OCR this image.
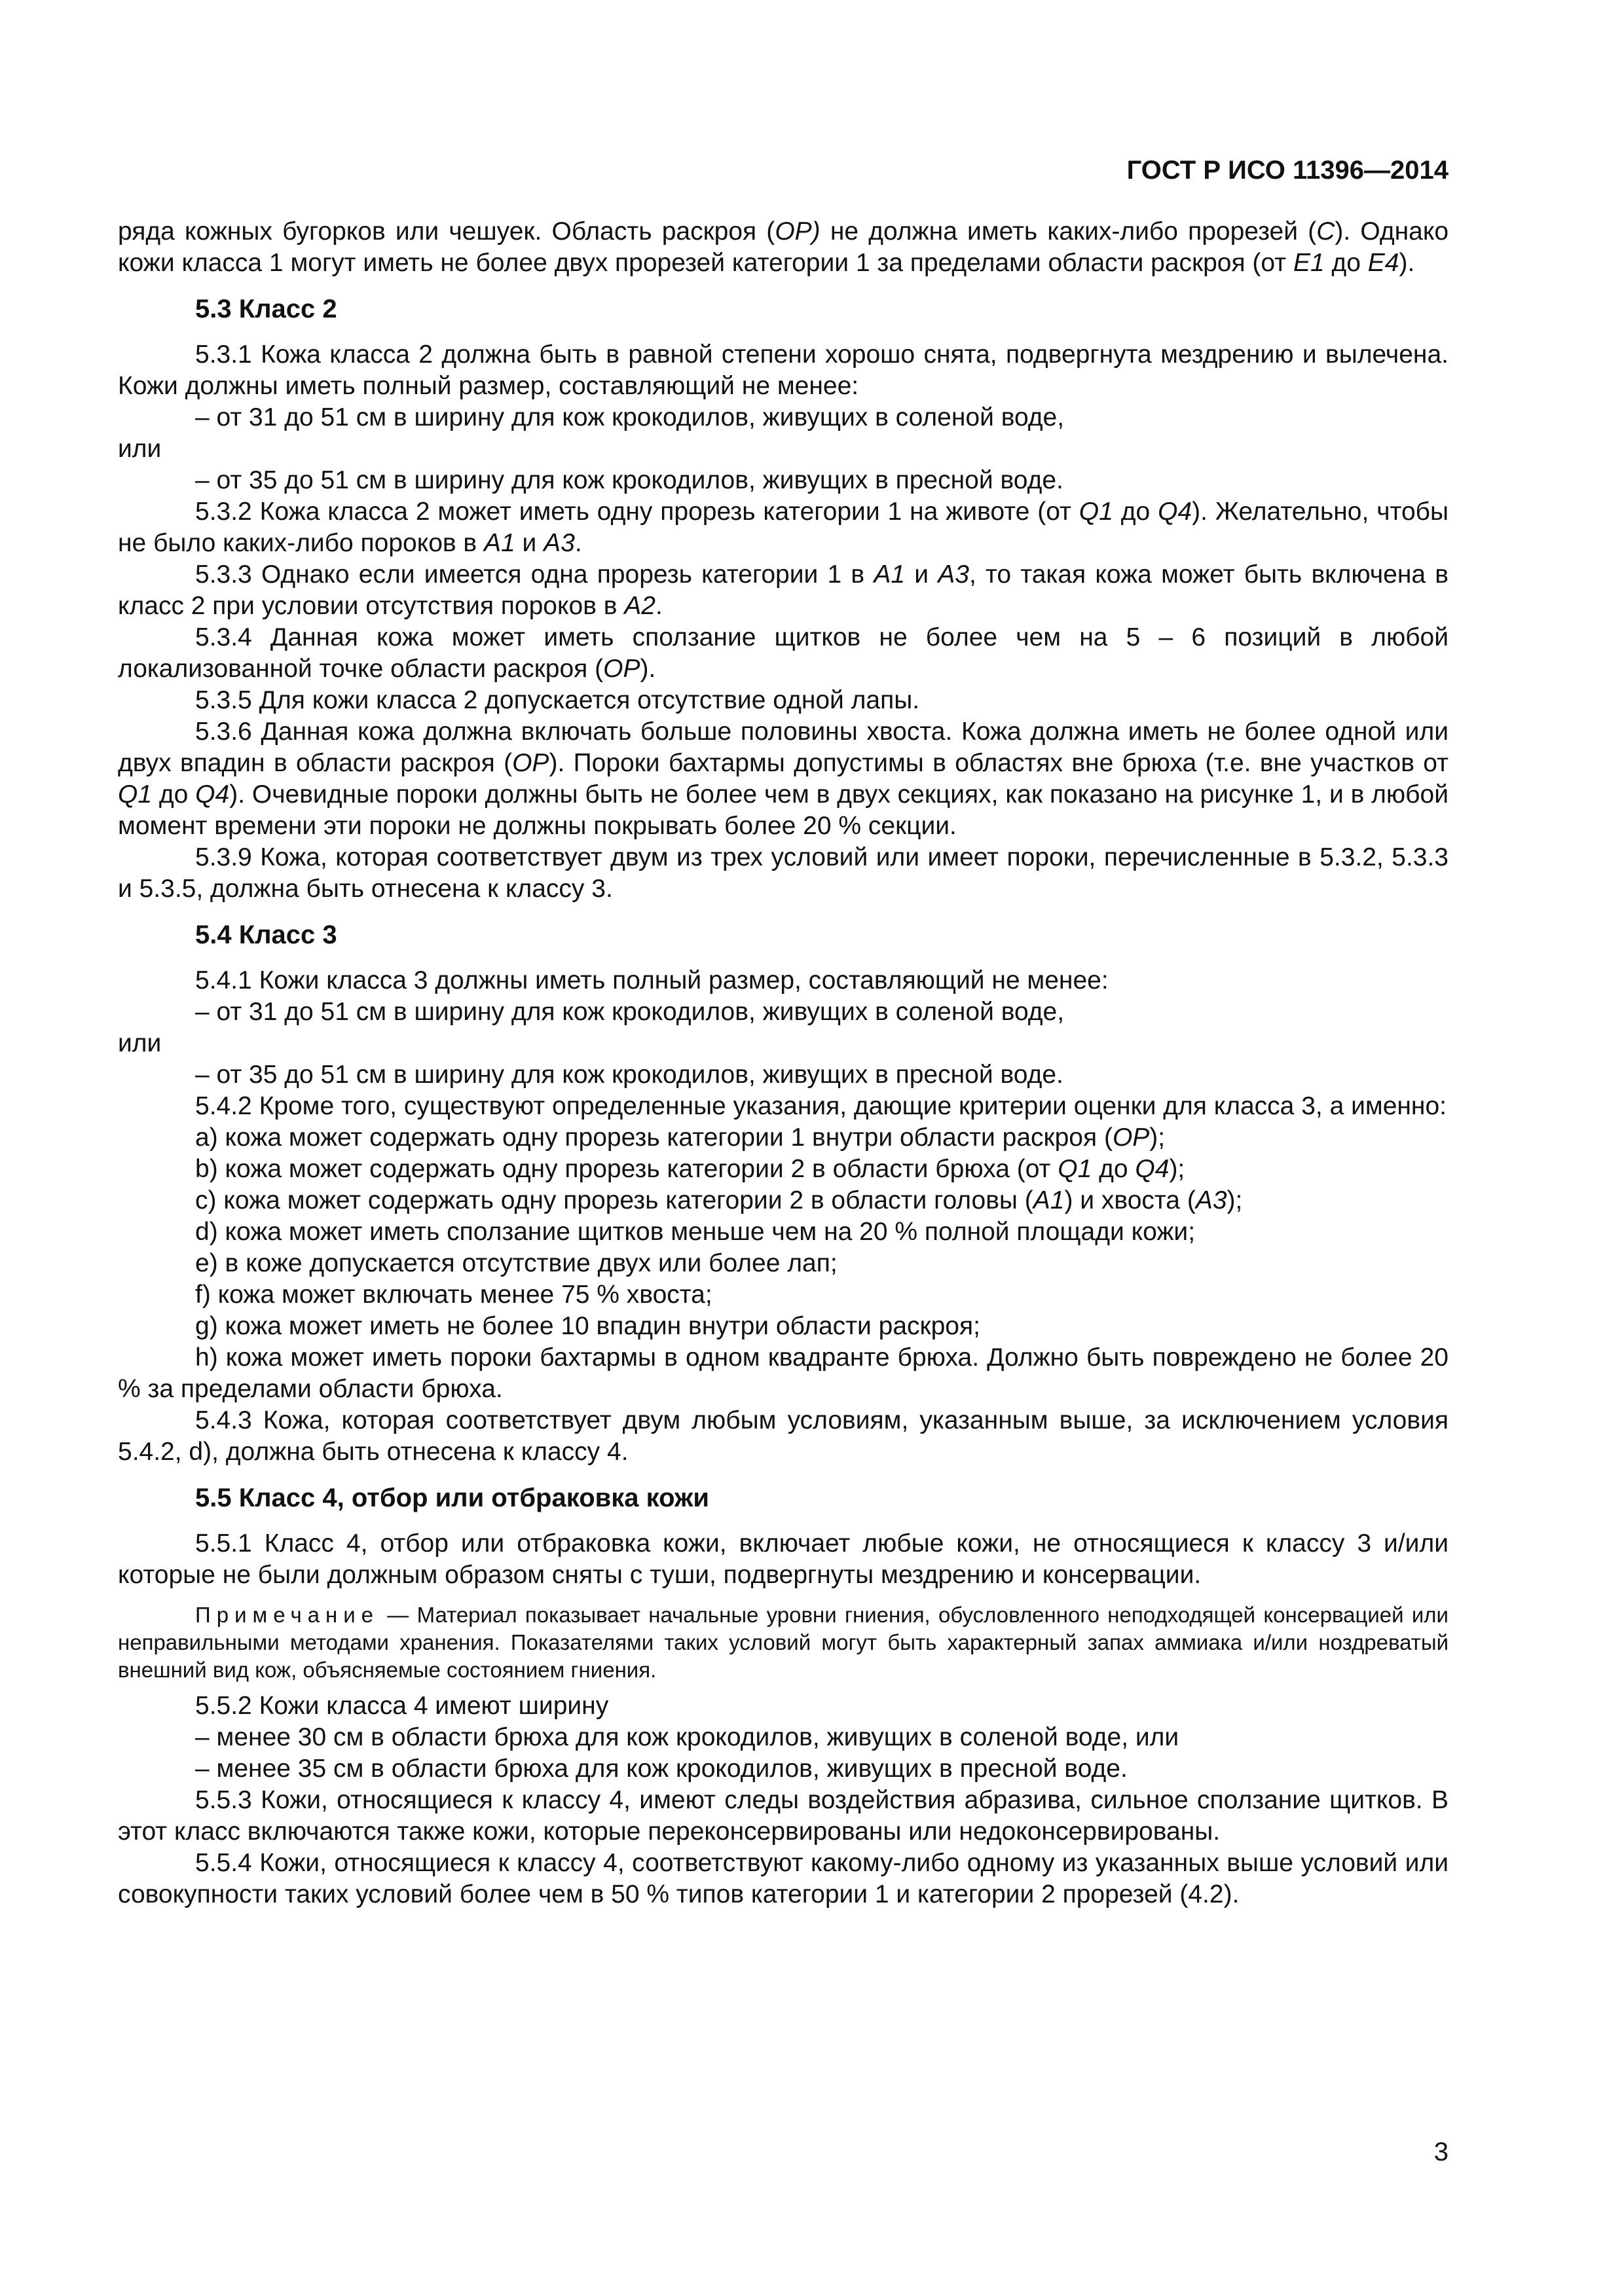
ГОСТ Р ИСО 11396—2014

ряда кожных бугорков или чешуек. Область раскроя (OP) не должна иметь каких-либо прорезей (C). Однако кожи класса 1 могут иметь не более двух прорезей категории 1 за пределами области раскроя (от E1 до E4).

5.3 Класс 2

5.3.1 Кожа класса 2 должна быть в равной степени хорошо снята, подвергнута мездрению и вылечена. Кожи должны иметь полный размер, составляющий не менее:

– от 31 до 51 см в ширину для кож крокодилов, живущих в соленой воде,

или

– от 35 до 51 см в ширину для кож крокодилов, живущих в пресной воде.

5.3.2 Кожа класса 2 может иметь одну прорезь категории 1 на животе (от Q1 до Q4). Желательно, чтобы не было каких-либо пороков в A1 и A3.

5.3.3 Однако если имеется одна прорезь категории 1 в A1 и A3, то такая кожа может быть включена в класс 2 при условии отсутствия пороков в A2.

5.3.4 Данная кожа может иметь сползание щитков не более чем на 5 – 6 позиций в любой локализованной точке области раскроя (OP).

5.3.5 Для кожи класса 2 допускается отсутствие одной лапы.

5.3.6 Данная кожа должна включать больше половины хвоста. Кожа должна иметь не более одной или двух впадин в области раскроя (OP). Пороки бахтармы допустимы в областях вне брюха (т.е. вне участков от Q1 до Q4). Очевидные пороки должны быть не более чем в двух секциях, как показано на рисунке 1, и в любой момент времени эти пороки не должны покрывать более 20 % секции.

5.3.9 Кожа, которая соответствует двум из трех условий или имеет пороки, перечисленные в 5.3.2, 5.3.3 и 5.3.5, должна быть отнесена к классу 3.

5.4 Класс 3

5.4.1 Кожи класса 3 должны иметь полный размер, составляющий не менее:

– от 31 до 51 см в ширину для кож крокодилов, живущих в соленой воде,

или

– от 35 до 51 см в ширину для кож крокодилов, живущих в пресной воде.

5.4.2 Кроме того, существуют определенные указания, дающие критерии оценки для класса 3, а именно:

a) кожа может содержать одну прорезь категории 1 внутри области раскроя (OP);

b) кожа может содержать одну прорезь категории 2 в области брюха (от Q1 до Q4);

c) кожа может содержать одну прорезь категории 2 в области головы (A1) и хвоста (A3);

d) кожа может иметь сползание щитков меньше чем на 20 % полной площади кожи;

e) в коже допускается отсутствие двух или более лап;

f) кожа может включать менее 75 % хвоста;

g) кожа может иметь не более 10 впадин внутри области раскроя;

h) кожа может иметь пороки бахтармы в одном квадранте брюха. Должно быть повреждено не более 20 % за пределами области брюха.

5.4.3 Кожа, которая соответствует двум любым условиям, указанным выше, за исключением условия 5.4.2, d), должна быть отнесена к классу 4.

5.5 Класс 4, отбор или отбраковка кожи

5.5.1 Класс 4, отбор или отбраковка кожи, включает любые кожи, не относящиеся к классу 3 и/или которые не были должным образом сняты с туши, подвергнуты мездрению и консервации.

Примечание — Материал показывает начальные уровни гниения, обусловленного неподходящей консервацией или неправильными методами хранения. Показателями таких условий могут быть характерный запах аммиака и/или ноздреватый внешний вид кож, объясняемые состоянием гниения.

5.5.2 Кожи класса 4 имеют ширину

– менее 30 см в области брюха для кож крокодилов, живущих в соленой воде, или

– менее 35 см в области брюха для кож крокодилов, живущих в пресной воде.

5.5.3 Кожи, относящиеся к классу 4, имеют следы воздействия абразива, сильное сползание щитков. В этот класс включаются также кожи, которые переконсервированы или недоконсервированы.

5.5.4 Кожи, относящиеся к классу 4, соответствуют какому-либо одному из указанных выше условий или совокупности таких условий более чем в 50 % типов категории 1 и категории 2 прорезей (4.2).

3
